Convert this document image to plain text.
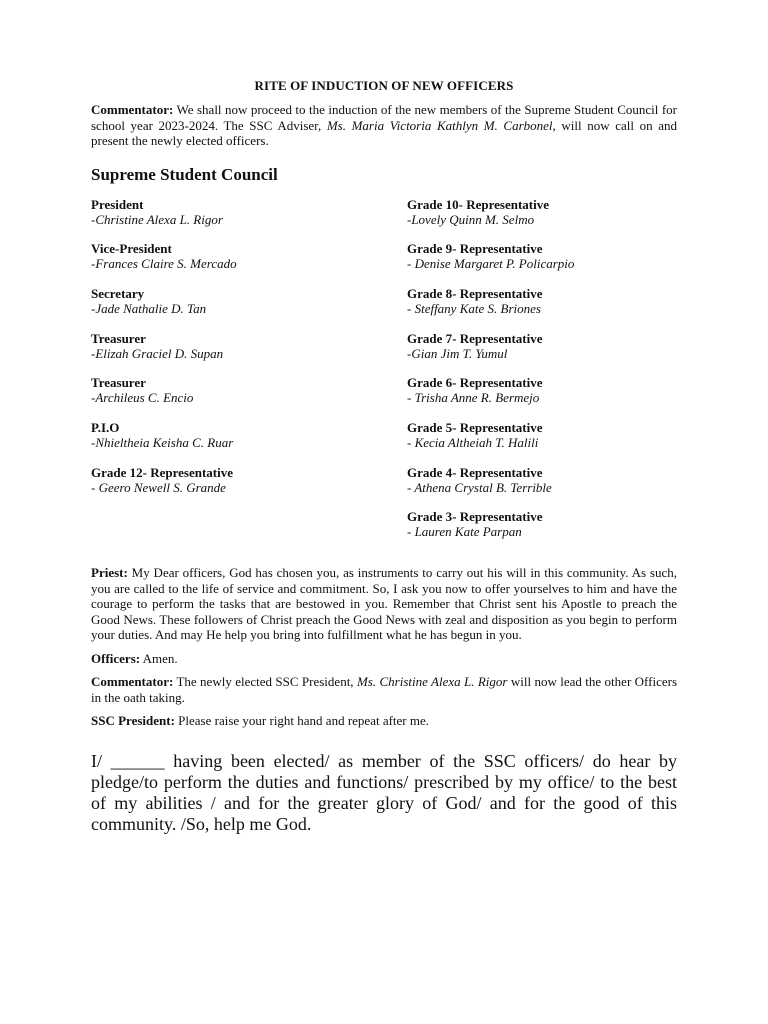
RITE OF INDUCTION OF NEW OFFICERS

Commentator: We shall now proceed to the induction of the new members of the Supreme Student Council for school year 2023-2024. The SSC Adviser, Ms. Maria Victoria Kathlyn M. Carbonel, will now call on and present the newly elected officers.

Supreme Student Council
President
-Christine Alexa L. Rigor
Vice-President
-Frances Claire S. Mercado
Secretary
-Jade Nathalie D. Tan
Treasurer
-Elizah Graciel D. Supan
Treasurer
-Archileus C. Encio
P.I.O
-Nhieltheia Keisha C. Ruar
Grade 12- Representative
- Geero Newell S. Grande
Grade 10- Representative
-Lovely Quinn M. Selmo
Grade 9- Representative
- Denise Margaret P. Policarpio
Grade 8- Representative
- Steffany Kate S. Briones
Grade 7- Representative
-Gian Jim T. Yumul
Grade 6- Representative
- Trisha Anne R. Bermejo
Grade 5- Representative
- Kecia Altheiah T. Halili
Grade 4- Representative
- Athena Crystal B. Terrible
Grade 3- Representative
- Lauren Kate Parpan

Priest: My Dear officers, God has chosen you, as instruments to carry out his will in this community. As such, you are called to the life of service and commitment. So, I ask you now to offer yourselves to him and have the courage to perform the tasks that are bestowed in you. Remember that Christ sent his Apostle to preach the Good News. These followers of Christ preach the Good News with zeal and disposition as you begin to perform your duties. And may He help you bring into fulfillment what he has begun in you.

Officers: Amen.

Commentator: The newly elected SSC President, Ms. Christine Alexa L. Rigor will now lead the other Officers in the oath taking.

SSC President: Please raise your right hand and repeat after me.

I/ ______ having been elected/ as member of the SSC officers/ do hear by pledge/to perform the duties and functions/ prescribed by my office/ to the best of my abilities / and for the greater glory of God/ and for the good of this community. /So, help me God.
